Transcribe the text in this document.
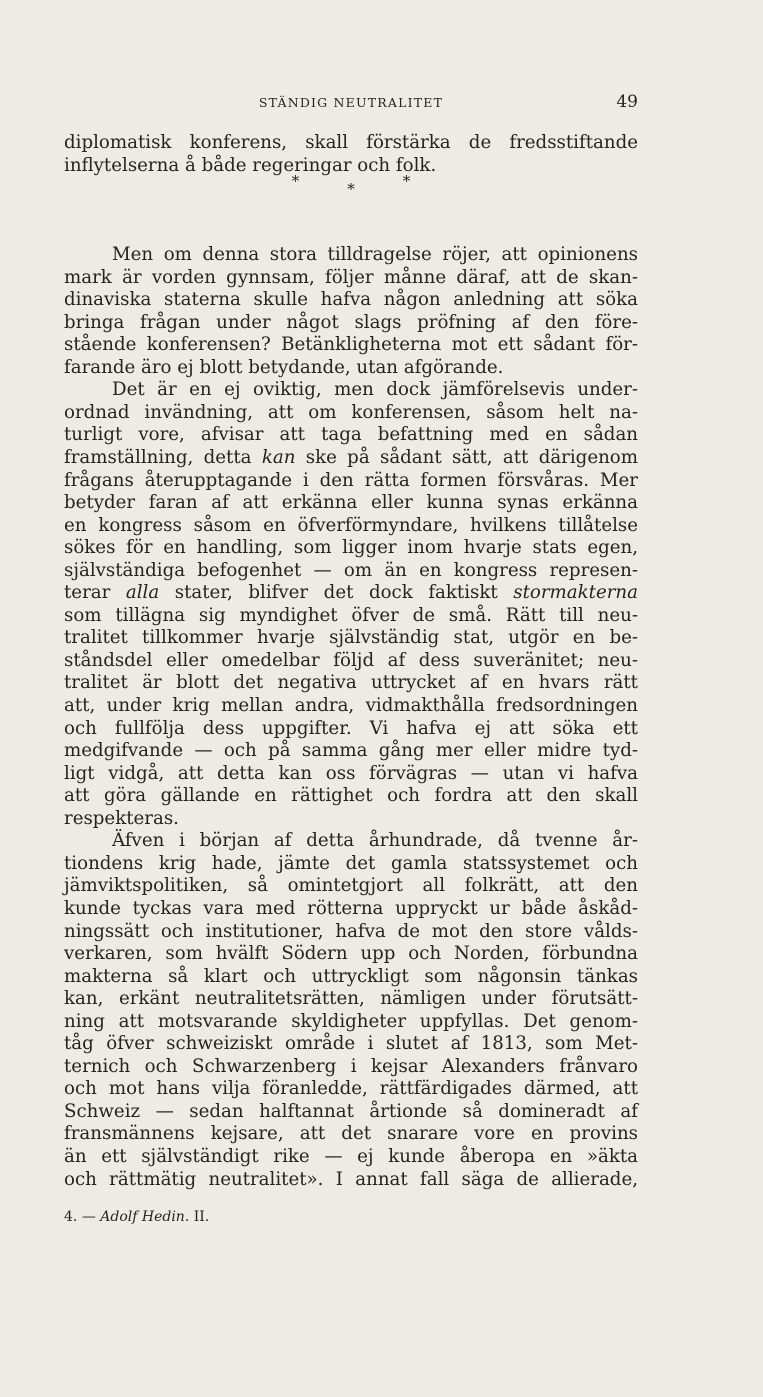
STÄNDIG NEUTRALITET	49
diplomatisk konferens, skall förstärka de fredsstiftande
inflytelserna å både regeringar och folk.
*	*	*
Men om denna stora tilldragelse röjer, att opinionens
mark är vorden gynnsam, följer månne däraf, att de skan-
dinaviska staterna skulle hafva någon anledning att söka
bringa frågan under något slags pröfning af den före-
stående konferensen? Betänkligheterna mot ett sådant för-
farande äro ej blott betydande, utan afgörande.
Det är en ej oviktig, men dock jämförelsevis under-
ordnad invändning, att om konferensen, såsom helt na-
turligt vore, afvisar att taga befattning med en sådan
framställning, detta kan ske på sådant sätt, att därigenom
frågans återupptagande i den rätta formen försvåras. Mer
betyder faran af att erkänna eller kunna synas erkänna
en kongress såsom en öfverförmyndare, hvilkens tillåtelse
sökes för en handling, som ligger inom hvarje stats egen,
självständiga befogenhet — om än en kongress represen-
terar alla stater, blifver det dock faktiskt stormakterna
som tillägna sig myndighet öfver de små. Rätt till neu-
tralitet tillkommer hvarje självständig stat, utgör en be-
ståndsdel eller omedelbar följd af dess suveränitet; neu-
tralitet är blott det negativa uttrycket af en hvars rätt
att, under krig mellan andra, vidmakthålla fredsordningen
och fullfölja dess uppgifter. Vi hafva ej att söka ett
medgifvande — och på samma gång mer eller midre tyd-
ligt vidgå, att detta kan oss förvägras — utan vi hafva
att göra gällande en rättighet och fordra att den skall
respekteras.
Äfven i början af detta århundrade, då tvenne år-
tiondens krig hade, jämte det gamla statssystemet och
jämviktspolitiken, så omintetgjort all folkrätt, att den
kunde tyckas vara med rötterna uppryckt ur både åskåd-
ningssätt och institutioner, hafva de mot den store vålds-
verkaren, som hvälft Södern upp och Norden, förbundna
makterna så klart och uttryckligt som någonsin tänkas
kan, erkänt neutralitetsrätten, nämligen under förutsätt-
ning att motsvarande skyldigheter uppfyllas. Det genom-
tåg öfver schweiziskt område i slutet af 1813, som Met-
ternich och Schwarzenberg i kejsar Alexanders frånvaro
och mot hans vilja föranledde, rättfärdigades därmed, att
Schweiz — sedan halftannat årtionde så domineradt af
fransmännens kejsare, att det snarare vore en provins
än ett självständigt rike — ej kunde åberopa en »äkta
och rättmätig neutralitet». I annat fall säga de allierade,
4. — Adolf Hedin. II.
